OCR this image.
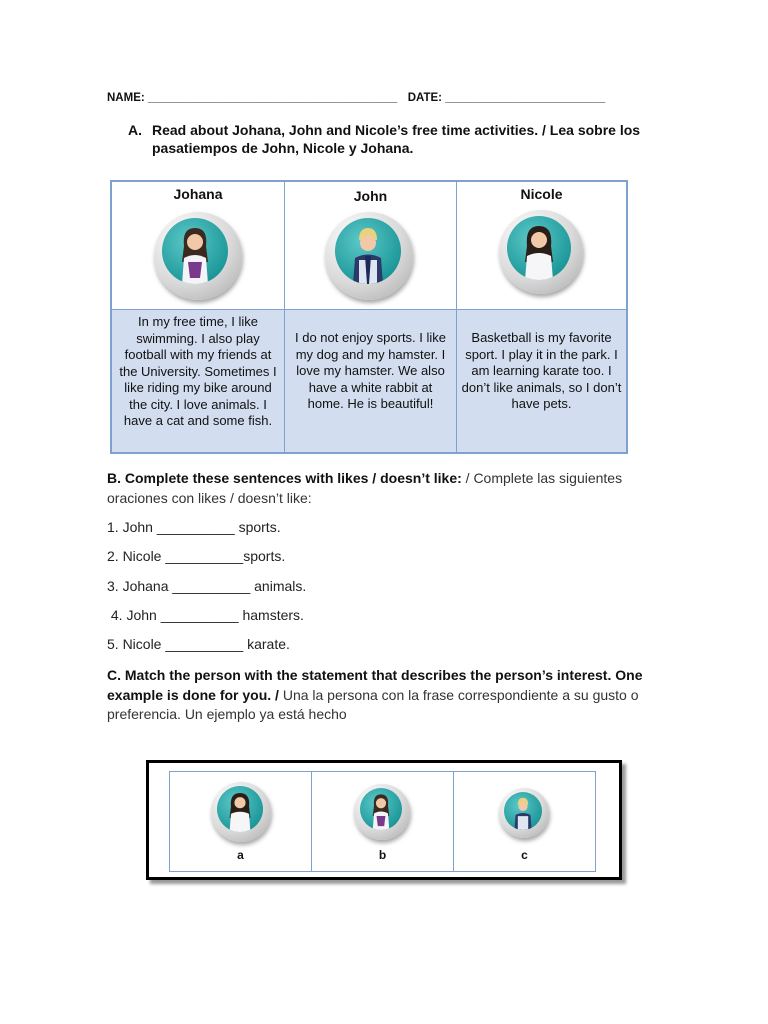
NAME: _______________________________________ DATE: _________________________
A. Read about Johana, John and Nicole’s free time activities. / Lea sobre los pasatiempos de John, Nicole y Johana.
Johana
In my free time, I like swimming. I also play football with my friends at the University. Sometimes I like riding my bike around the city. I love animals. I have a cat and some fish.
John
I do not enjoy sports. I like my dog and my hamster. I love my hamster. We also have a white rabbit at home. He is beautiful!
Nicole
Basketball is my favorite sport. I play it in the park. I am learning karate too. I don’t like animals, so I don’t have pets.
B. Complete these sentences with likes / doesn’t like: / Complete las siguientes oraciones con likes / doesn’t like:
1. John __________ sports.
2. Nicole __________sports.
3. Johana __________ animals.
4. John __________ hamsters.
5. Nicole __________ karate.
C. Match the person with the statement that describes the person’s interest. One example is done for you. / Una la persona con la frase correspondiente a su gusto o preferencia. Un ejemplo ya está hecho
a	b	c
